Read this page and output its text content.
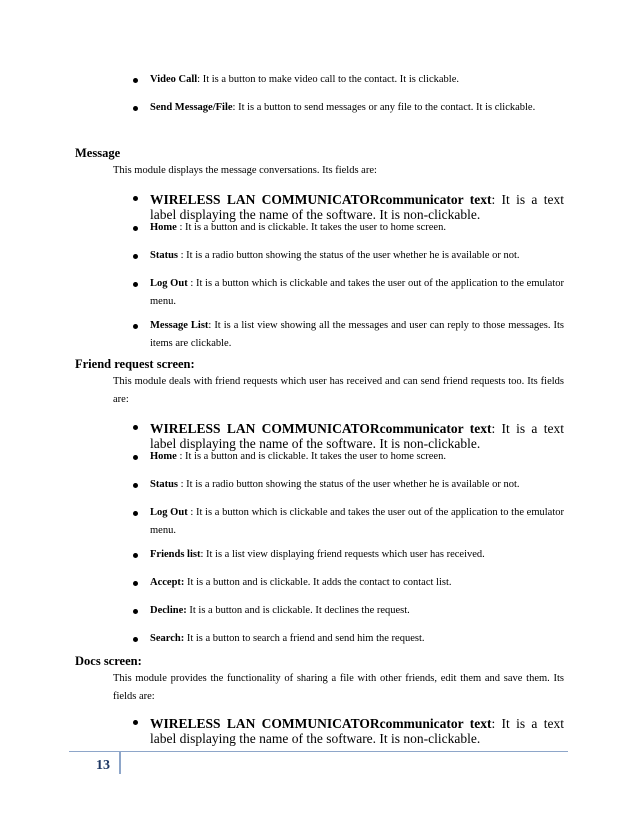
Video Call: It is a button to make video call to the contact. It is clickable.
Send Message/File: It is a button to send messages or any file to the contact. It is clickable.
Message
This module displays the message conversations. Its fields are:
WIRELESS LAN COMMUNICATORcommunicator text: It is a text label displaying the name of the software. It is non-clickable.
Home : It is a button and is clickable. It takes the user to home screen.
Status : It is a radio button showing the status of the user whether he is available or not.
Log Out : It is a button which is clickable and takes the user out of the application to the emulator menu.
Message List: It is a list view showing all the messages and user can reply to those messages. Its items are clickable.
Friend request screen:
This module deals with friend requests which user has received and can send friend requests too. Its fields are:
WIRELESS LAN COMMUNICATORcommunicator text: It is a text label displaying the name of the software. It is non-clickable.
Home : It is a button and is clickable. It takes the user to home screen.
Status : It is a radio button showing the status of the user whether he is available or not.
Log Out : It is a button which is clickable and takes the user out of the application to the emulator menu.
Friends list: It is a list view displaying friend requests which user has received.
Accept: It is a button and is clickable. It adds the contact to contact list.
Decline: It is a button and is clickable. It declines the request.
Search: It is a button to search a friend and send him the request.
Docs screen:
This module provides the functionality of sharing a file with other friends, edit them and save them. Its fields are:
WIRELESS LAN COMMUNICATORcommunicator text: It is a text label displaying the name of the software. It is non-clickable.
13
